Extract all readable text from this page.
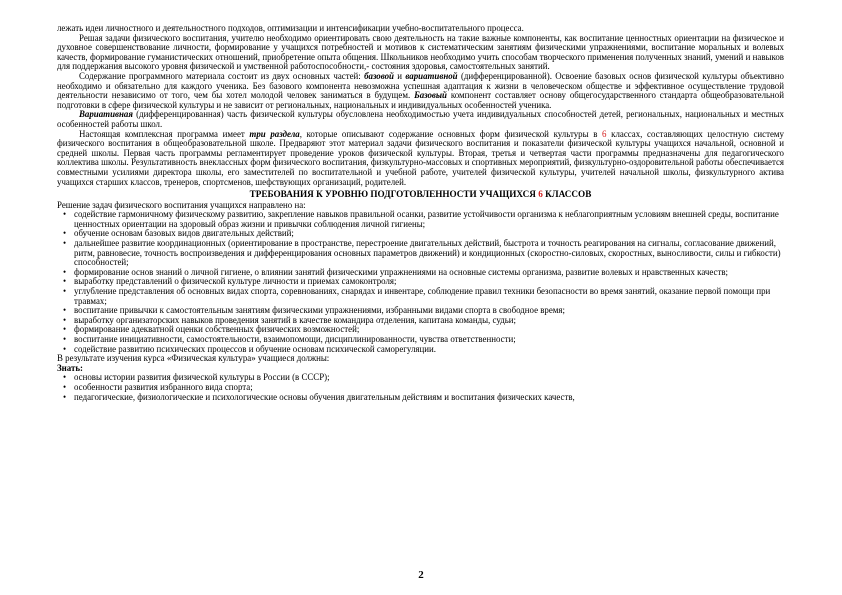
лежать идеи личностного и деятельностного подходов, оптимизации и интенсификации учебно-воспитательного процесса.

Решая задачи физического воспитания, учителю необходимо ориентировать свою деятельность на такие важные компоненты, как воспитание ценностных ориентации на физическое и духовное совершенствование личности, формирование у учащихся потребностей и мотивов к систематическим занятиям физическими упражнениями, воспитание моральных и волевых качеств, формирование гуманистических отношений, приобретение опыта общения. Школьников необходимо учить способам творческого применения полученных знаний, умений и навыков для поддержания высокого уровня физической и умственной работоспособности,- состояния здоровья, самостоятельных занятий.

Содержание программного материала состоит из двух основных частей: базовой и вариативной (дифференцированной). Освоение базовых основ физической культуры объективно необходимо и обязательно для каждого ученика. Без базового компонента невозможна успешная адаптация к жизни в человеческом обществе и эффективное осуществление трудовой деятельности независимо от того, чем бы хотел молодой человек заниматься в будущем. Базовый компонент составляет основу общегосударственного стандарта общеобразовательной подготовки в сфере физической культуры и не зависит от региональных, национальных и индивидуальных особенностей ученика.

Вариативная (дифференцированная) часть физической культуры обусловлена необходимостью учета индивидуальных способностей детей, региональных, национальных и местных особенностей работы школ.

Настоящая комплексная программа имеет три раздела, которые описывают содержание основных форм физической культуры в 6 классах, составляющих целостную систему физического воспитания в общеобразовательной школе. Предваряют этот материал задачи физического воспитания и показатели физической культуры учащихся начальной, основной и средней школы. Первая часть программы регламентирует проведение уроков физической культуры. Вторая, третья и четвертая части программы предназначены для педагогического коллектива школы. Результативность внеклассных форм физического воспитания, физкультурно-массовых и спортивных мероприятий, физкультурно-оздоровительной работы обеспечивается совместными усилиями директора школы, его заместителей по воспитательной и учебной работе, учителей физической культуры, учителей начальной школы, физкультурного актива учащихся старших классов, тренеров, спортсменов, шефствующих организаций, родителей.

ТРЕБОВАНИЯ К УРОВНЮ ПОДГОТОВЛЕННОСТИ УЧАЩИХСЯ 6 КЛАССОВ

Решение задач физического воспитания учащихся направлено на:

• содействие гармоничному физическому развитию, закрепление навыков правильной осанки, развитие устойчивости организма к неблагоприятным условиям внешней среды, воспитание ценностных ориентации на здоровый образ жизни и привычки соблюдения личной гигиены;
• обучение основам базовых видов двигательных действий;
• дальнейшее развитие координационных (ориентирование в пространстве, перестроение двигательных действий, быстрота и точность реагирования на сигналы, согласование движений, ритм, равновесие, точность воспроизведения и дифференцирования основных параметров движений) и кондиционных (скоростно-силовых, скоростных, выносливости, силы и гибкости) способностей;
• формирование основ знаний о личной гигиене, о влиянии занятий физическими упражнениями на основные системы организма, развитие волевых и нравственных качеств;
• выработку представлений о физической культуре личности и приемах самоконтроля;
• углубление представления об основных видах спорта, соревнованиях, снарядах и инвентаре, соблюдение правил техники безопасности во время занятий, оказание первой помощи при травмах;
• воспитание привычки к самостоятельным занятиям физическими упражнениями, избранными видами спорта в свободное время;
• выработку организаторских навыков проведения занятий в качестве командира отделения, капитана команды, судьи;
• формирование адекватной оценки собственных физических возможностей;
• воспитание инициативности, самостоятельности, взаимопомощи, дисциплинированности, чувства ответственности;
• содействие развитию психических процессов и обучение основам психической саморегуляции.

В результате изучения курса «Физическая культура» учащиеся должны:

Знать:

• основы истории развития физической культуры в России (в СССР);
• особенности развития избранного вида спорта;
• педагогические, физиологические и психологические основы обучения двигательным действиям и воспитания физических качеств,
2
